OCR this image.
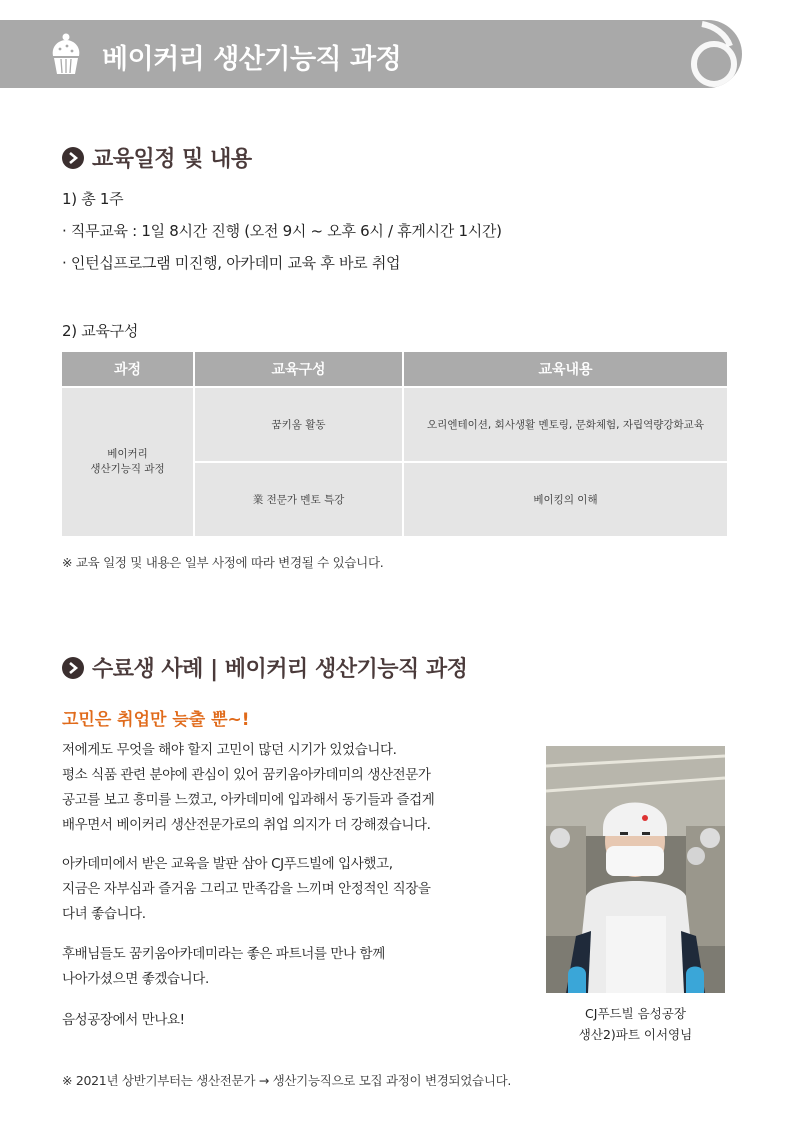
베이커리 생산기능직 과정
교육일정 및 내용
1) 총 1주
· 직무교육 : 1일 8시간 진행 (오전 9시 ~ 오후 6시 / 휴게시간 1시간)
· 인턴십프로그램 미진행, 아카데미 교육 후 바로 취업
2) 교육구성
과정	교육구성	교육내용
베이커리
생산기능직 과정
꿈키움 활동	오리엔테이션, 회사생활 멘토링, 문화체험, 자립역량강화교육
業 전문가 멘토 특강	베이킹의 이해
※ 교육 일정 및 내용은 일부 사정에 따라 변경될 수 있습니다.
수료생 사례 | 베이커리 생산기능직 과정
고민은 취업만 늦출 뿐~!
저에게도 무엇을 해야 할지 고민이 많던 시기가 있었습니다.
평소 식품 관련 분야에 관심이 있어 꿈키움아카데미의 생산전문가
공고를 보고 흥미를 느꼈고, 아카데미에 입과해서 동기들과 즐겁게
배우면서 베이커리 생산전문가로의 취업 의지가 더 강해졌습니다.
아카데미에서 받은 교육을 발판 삼아 CJ푸드빌에 입사했고,
지금은 자부심과 즐거움 그리고 만족감을 느끼며 안정적인 직장을
다녀 좋습니다.
후배님들도 꿈키움아카데미라는 좋은 파트너를 만나 함께
나아가셨으면 좋겠습니다.
음성공장에서 만나요!	CJ푸드빌 음성공장
생산2)파트 이서영님
※ 2021년 상반기부터는 생산전문가 → 생산기능직으로 모집 과정이 변경되었습니다.
